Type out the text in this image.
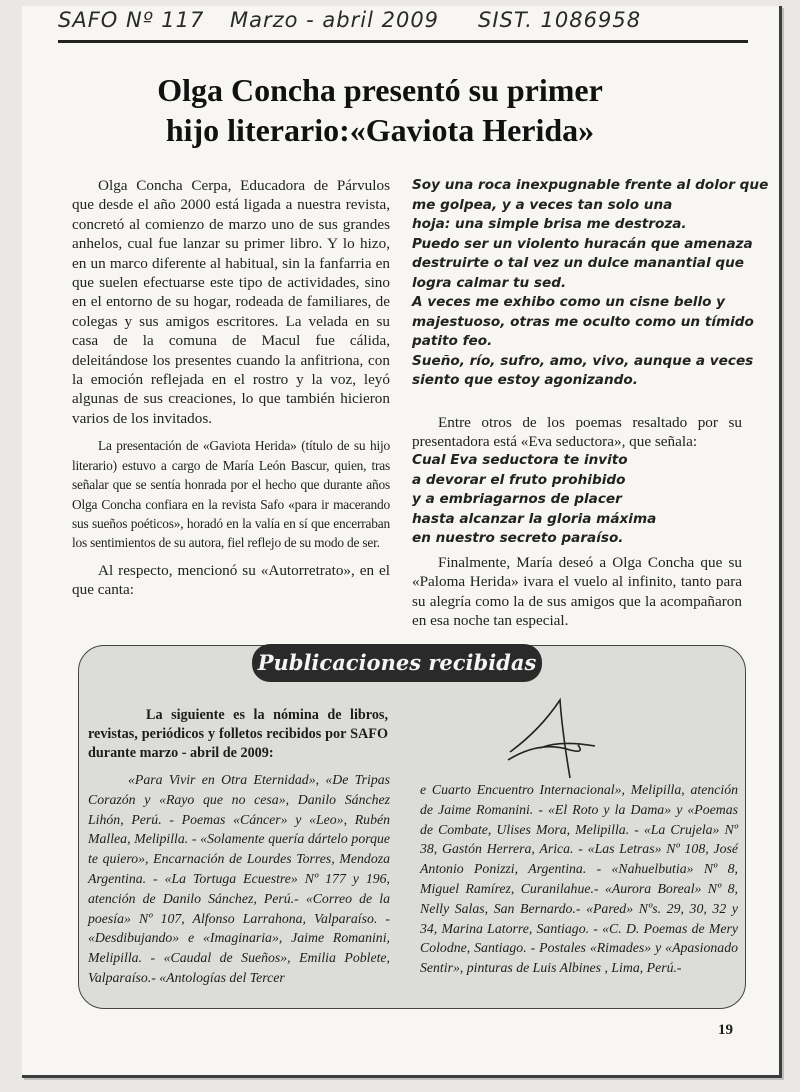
SAFO Nº 117 Marzo - abril 2009 SIST. 1086958
Olga Concha presentó su primer
hijo literario:«Gaviota Herida»

Olga Concha Cerpa, Educadora de Párvulos que desde el año 2000 está ligada a nuestra revista, concretó al comienzo de marzo uno de sus grandes anhelos, cual fue lanzar su primer libro. Y lo hizo, en un marco diferente al habitual, sin la fanfarria en que suelen efectuarse este tipo de actividades, sino en el entorno de su hogar, rodeada de familiares, de colegas y sus amigos escritores. La velada en su casa de la comuna de Macul fue cálida, deleitándose los presentes cuando la anfitriona, con la emoción reflejada en el rostro y la voz, leyó algunas de sus creaciones, lo que también hicieron varios de los invitados.

La presentación de «Gaviota Herida» (título de su hijo literario) estuvo a cargo de María León Bascur, quien, tras señalar que se sentía honrada por el hecho que durante años Olga Concha confiara en la revista Safo «para ir macerando sus sueños poéticos», horadó en la valía en sí que encerraban los sentimientos de su autora, fiel reflejo de su modo de ser.

Al respecto, mencionó su «Autorretrato», en el que canta:

Soy una roca inexpugnable frente al dolor que
me golpea, y a veces tan solo una
hoja: una simple brisa me destroza.
Puedo ser un violento huracán que amenaza
destruirte o tal vez un dulce manantial que
logra calmar tu sed.
A veces me exhibo como un cisne bello y
majestuoso, otras me oculto como un tímido
patito feo.
Sueño, río, sufro, amo, vivo, aunque a veces
siento que estoy agonizando.

Entre otros de los poemas resaltado por su presentadora está «Eva seductora», que señala:

Cual Eva seductora te invito
a devorar el fruto prohibido
y a embriagarnos de placer
hasta alcanzar la gloria máxima
en nuestro secreto paraíso.

Finalmente, María deseó a Olga Concha que su «Paloma Herida» ivara el vuelo al infinito, tanto para su alegría como la de sus amigos que la acompañaron en esa noche tan especial.

Publicaciones recibidas
La siguiente es la nómina de libros, revistas, periódicos y folletos recibidos por SAFO durante marzo - abril de 2009:
«Para Vivir en Otra Eternidad», «De Tripas Corazón y «Rayo que no cesa», Danilo Sánchez Lihón, Perú. - Poemas «Cáncer» y «Leo», Rubén Mallea, Melipilla. - «Solamente quería dártelo porque te quiero», Encarnación de Lourdes Torres, Mendoza Argentina. - «La Tortuga Ecuestre» Nº 177 y 196, atención de Danilo Sánchez, Perú.- «Correo de la poesía» Nº 107, Alfonso Larrahona, Valparaíso. - «Desdibujando» e «Imaginaria», Jaime Romanini, Melipilla. - «Caudal de Sueños», Emilia Poblete, Valparaíso.- «Antologías del Tercer
e Cuarto Encuentro Internacional», Melipilla, atención de Jaime Romanini. - «El Roto y la Dama» y «Poemas de Combate, Ulises Mora, Melipilla. - «La Crujela» Nº 38, Gastón Herrera, Arica. - «Las Letras» Nº 108, José Antonio Ponizzi, Argentina. - «Nahuelbutia» Nº 8, Miguel Ramírez, Curanilahue.- «Aurora Boreal» Nº 8, Nelly Salas, San Bernardo.- «Pared» Nºs. 29, 30, 32 y 34, Marina Latorre, Santiago. - «C. D. Poemas de Mery Colodne, Santiago. - Postales «Rimades» y «Apasionado Sentir», pinturas de Luis Albines , Lima, Perú.-
19
